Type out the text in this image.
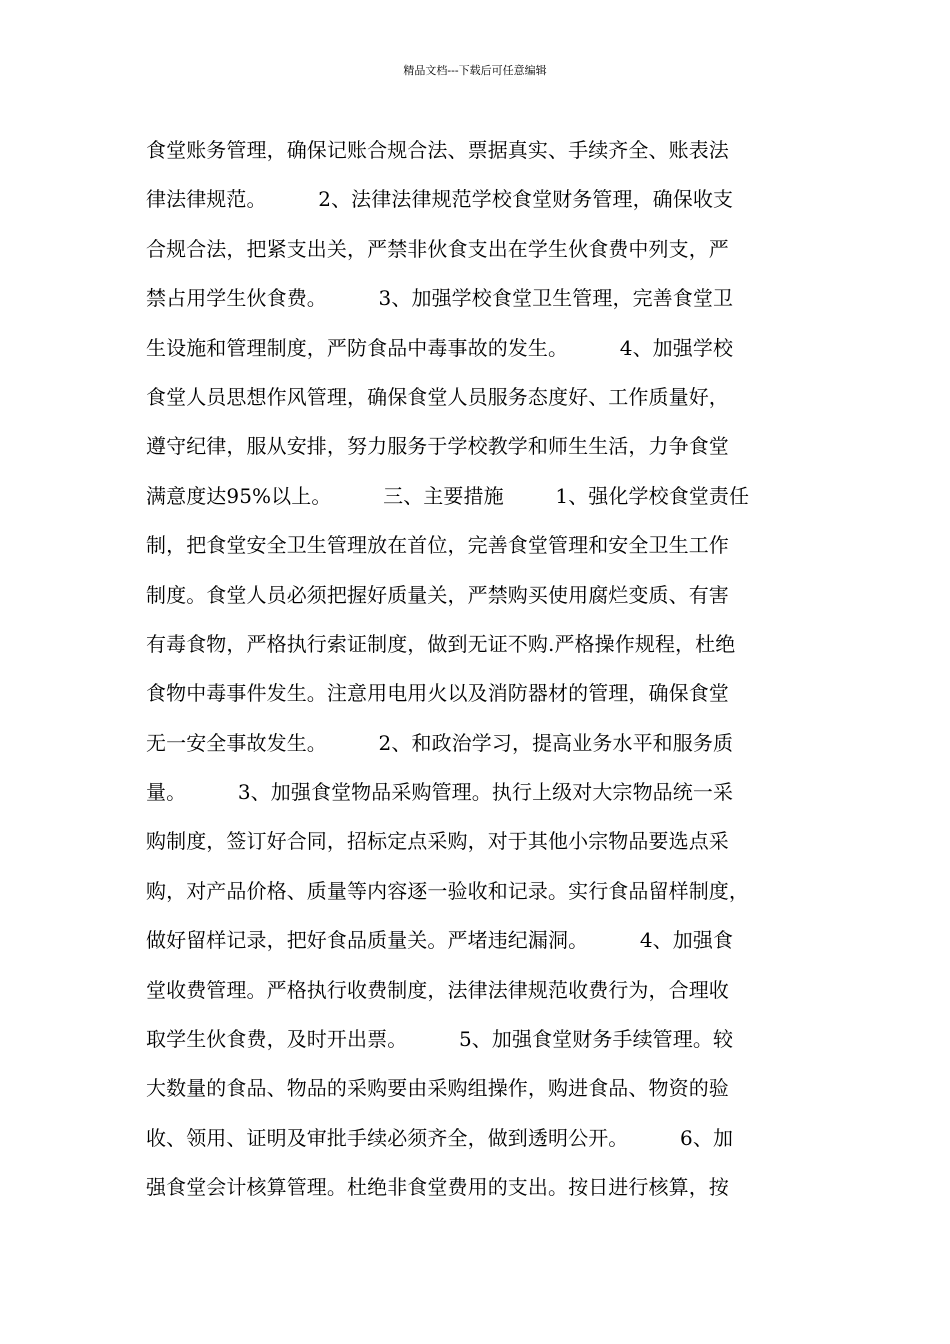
精品文档---下载后可任意编辑
食堂账务管理，确保记账合规合法、票据真实、手续齐全、账表法
律法律规范。        2、法律法律规范学校食堂财务管理，确保收支
合规合法，把紧支出关，严禁非伙食支出在学生伙食费中列支，严
禁占用学生伙食费。        3、加强学校食堂卫生管理，完善食堂卫
生设施和管理制度，严防食品中毒事故的发生。        4、加强学校
食堂人员思想作风管理，确保食堂人员服务态度好、工作质量好，
遵守纪律，服从安排，努力服务于学校教学和师生生活，力争食堂
满意度达95%以上。        三、主要措施        1、强化学校食堂责任
制，把食堂安全卫生管理放在首位，完善食堂管理和安全卫生工作
制度。食堂人员必须把握好质量关，严禁购买使用腐烂变质、有害
有毒食物，严格执行索证制度，做到无证不购.严格操作规程，杜绝
食物中毒事件发生。注意用电用火以及消防器材的管理，确保食堂
无一安全事故发生。        2、和政治学习，提高业务水平和服务质
量。        3、加强食堂物品采购管理。执行上级对大宗物品统一采
购制度，签订好合同，招标定点采购，对于其他小宗物品要选点采
购，对产品价格、质量等内容逐一验收和记录。实行食品留样制度，
做好留样记录，把好食品质量关。严堵违纪漏洞。        4、加强食
堂收费管理。严格执行收费制度，法律法律规范收费行为，合理收
取学生伙食费，及时开出票。        5、加强食堂财务手续管理。较
大数量的食品、物品的采购要由采购组操作，购进食品、物资的验
收、领用、证明及审批手续必须齐全，做到透明公开。        6、加
强食堂会计核算管理。杜绝非食堂费用的支出。按日进行核算，按
